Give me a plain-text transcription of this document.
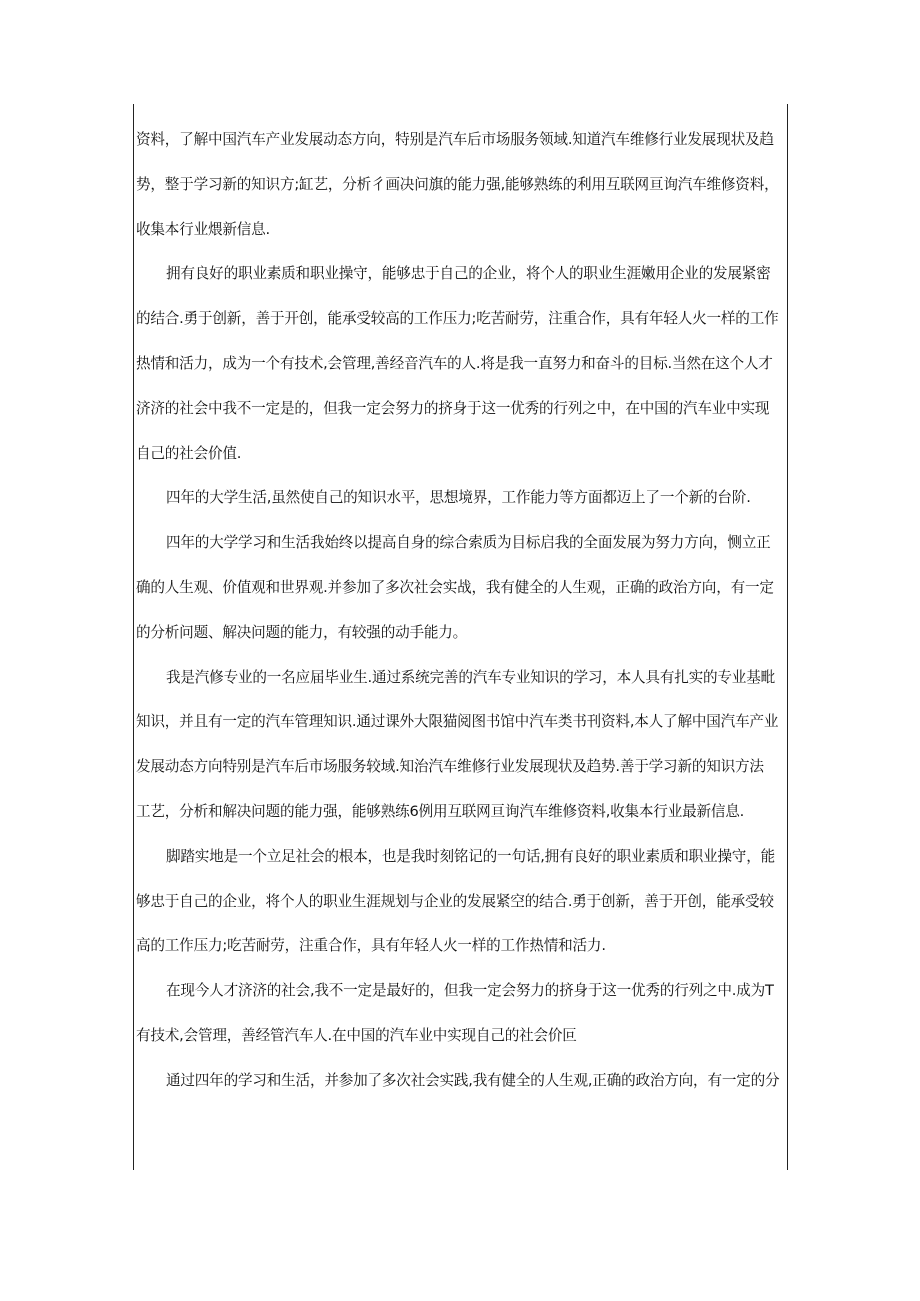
资料，了解中国汽车产业发展动态方向，特别是汽车后市场服务领域.知道汽车维修行业发展现状及趋
势，整于学习新的知识方;缸艺，分析彳画决问旗的能力强,能够熟练的利用互联网亘询汽车维修资料，
收集本行业煨新信息.
拥有良好的职业素质和职业操守，能够忠于自己的企业，将个人的职业生涯嫩用企业的发展紧密
的结合.勇于创新，善于开创，能承受较高的工作压力;吃苦耐劳，注重合作，具有年轻人火一样的工作
热情和活力，成为一个有技术,会管理,善经音汽车的人.将是我一直努力和奋斗的目标.当然在这个人才
济济的社会中我不一定是的，但我一定会努力的挤身于这一优秀的行列之中，在中国的汽车业中实现
自己的社会价值.
四年的大学生活,虽然使自己的知识水平，思想境界，工作能力等方面都迈上了一个新的台阶.
四年的大学学习和生活我始终以提高自身的综合索质为目标启我的全面发展为努力方向，恻立正
确的人生观、价值观和世界观.并参加了多次社会实战，我有健全的人生观，正确的政治方向，有一定
的分析问题、解决问题的能力，有较强的动手能力。
我是汽修专业的一名应届毕业生.通过系统完善的汽车专业知识的学习，本人具有扎实的专业基毗
知识，并且有一定的汽车管理知识.通过课外大限猫阅图书馆中汽车类书刊资料,本人了解中国汽车产业
发展动态方向特别是汽车后市场服务较域.知治汽车维修行业发展现状及趋势.善于学习新的知识方法
工艺，分析和解决问题的能力强，能够熟练6例用互联网亘询汽车维修资料,收集本行业最新信息.
脚踏实地是一个立足社会的根本，也是我时刻铭记的一句话,拥有良好的职业素质和职业操守，能
够忠于自己的企业，将个人的职业生涯规划与企业的发展紧空的结合.勇于创新，善于开创，能承受较
高的工作压力;吃苦耐劳，注重合作，具有年轻人火一样的工作热情和活力.
在现今人才济济的社会,我不一定是最好的，但我一定会努力的挤身于这一优秀的行列之中.成为T
有技术,会管理，善经管汽车人.在中国的汽车业中实现自己的社会价叵
通过四年的学习和生活，并参加了多次社会实践,我有健全的人生观,正确的政治方向，有一定的分
